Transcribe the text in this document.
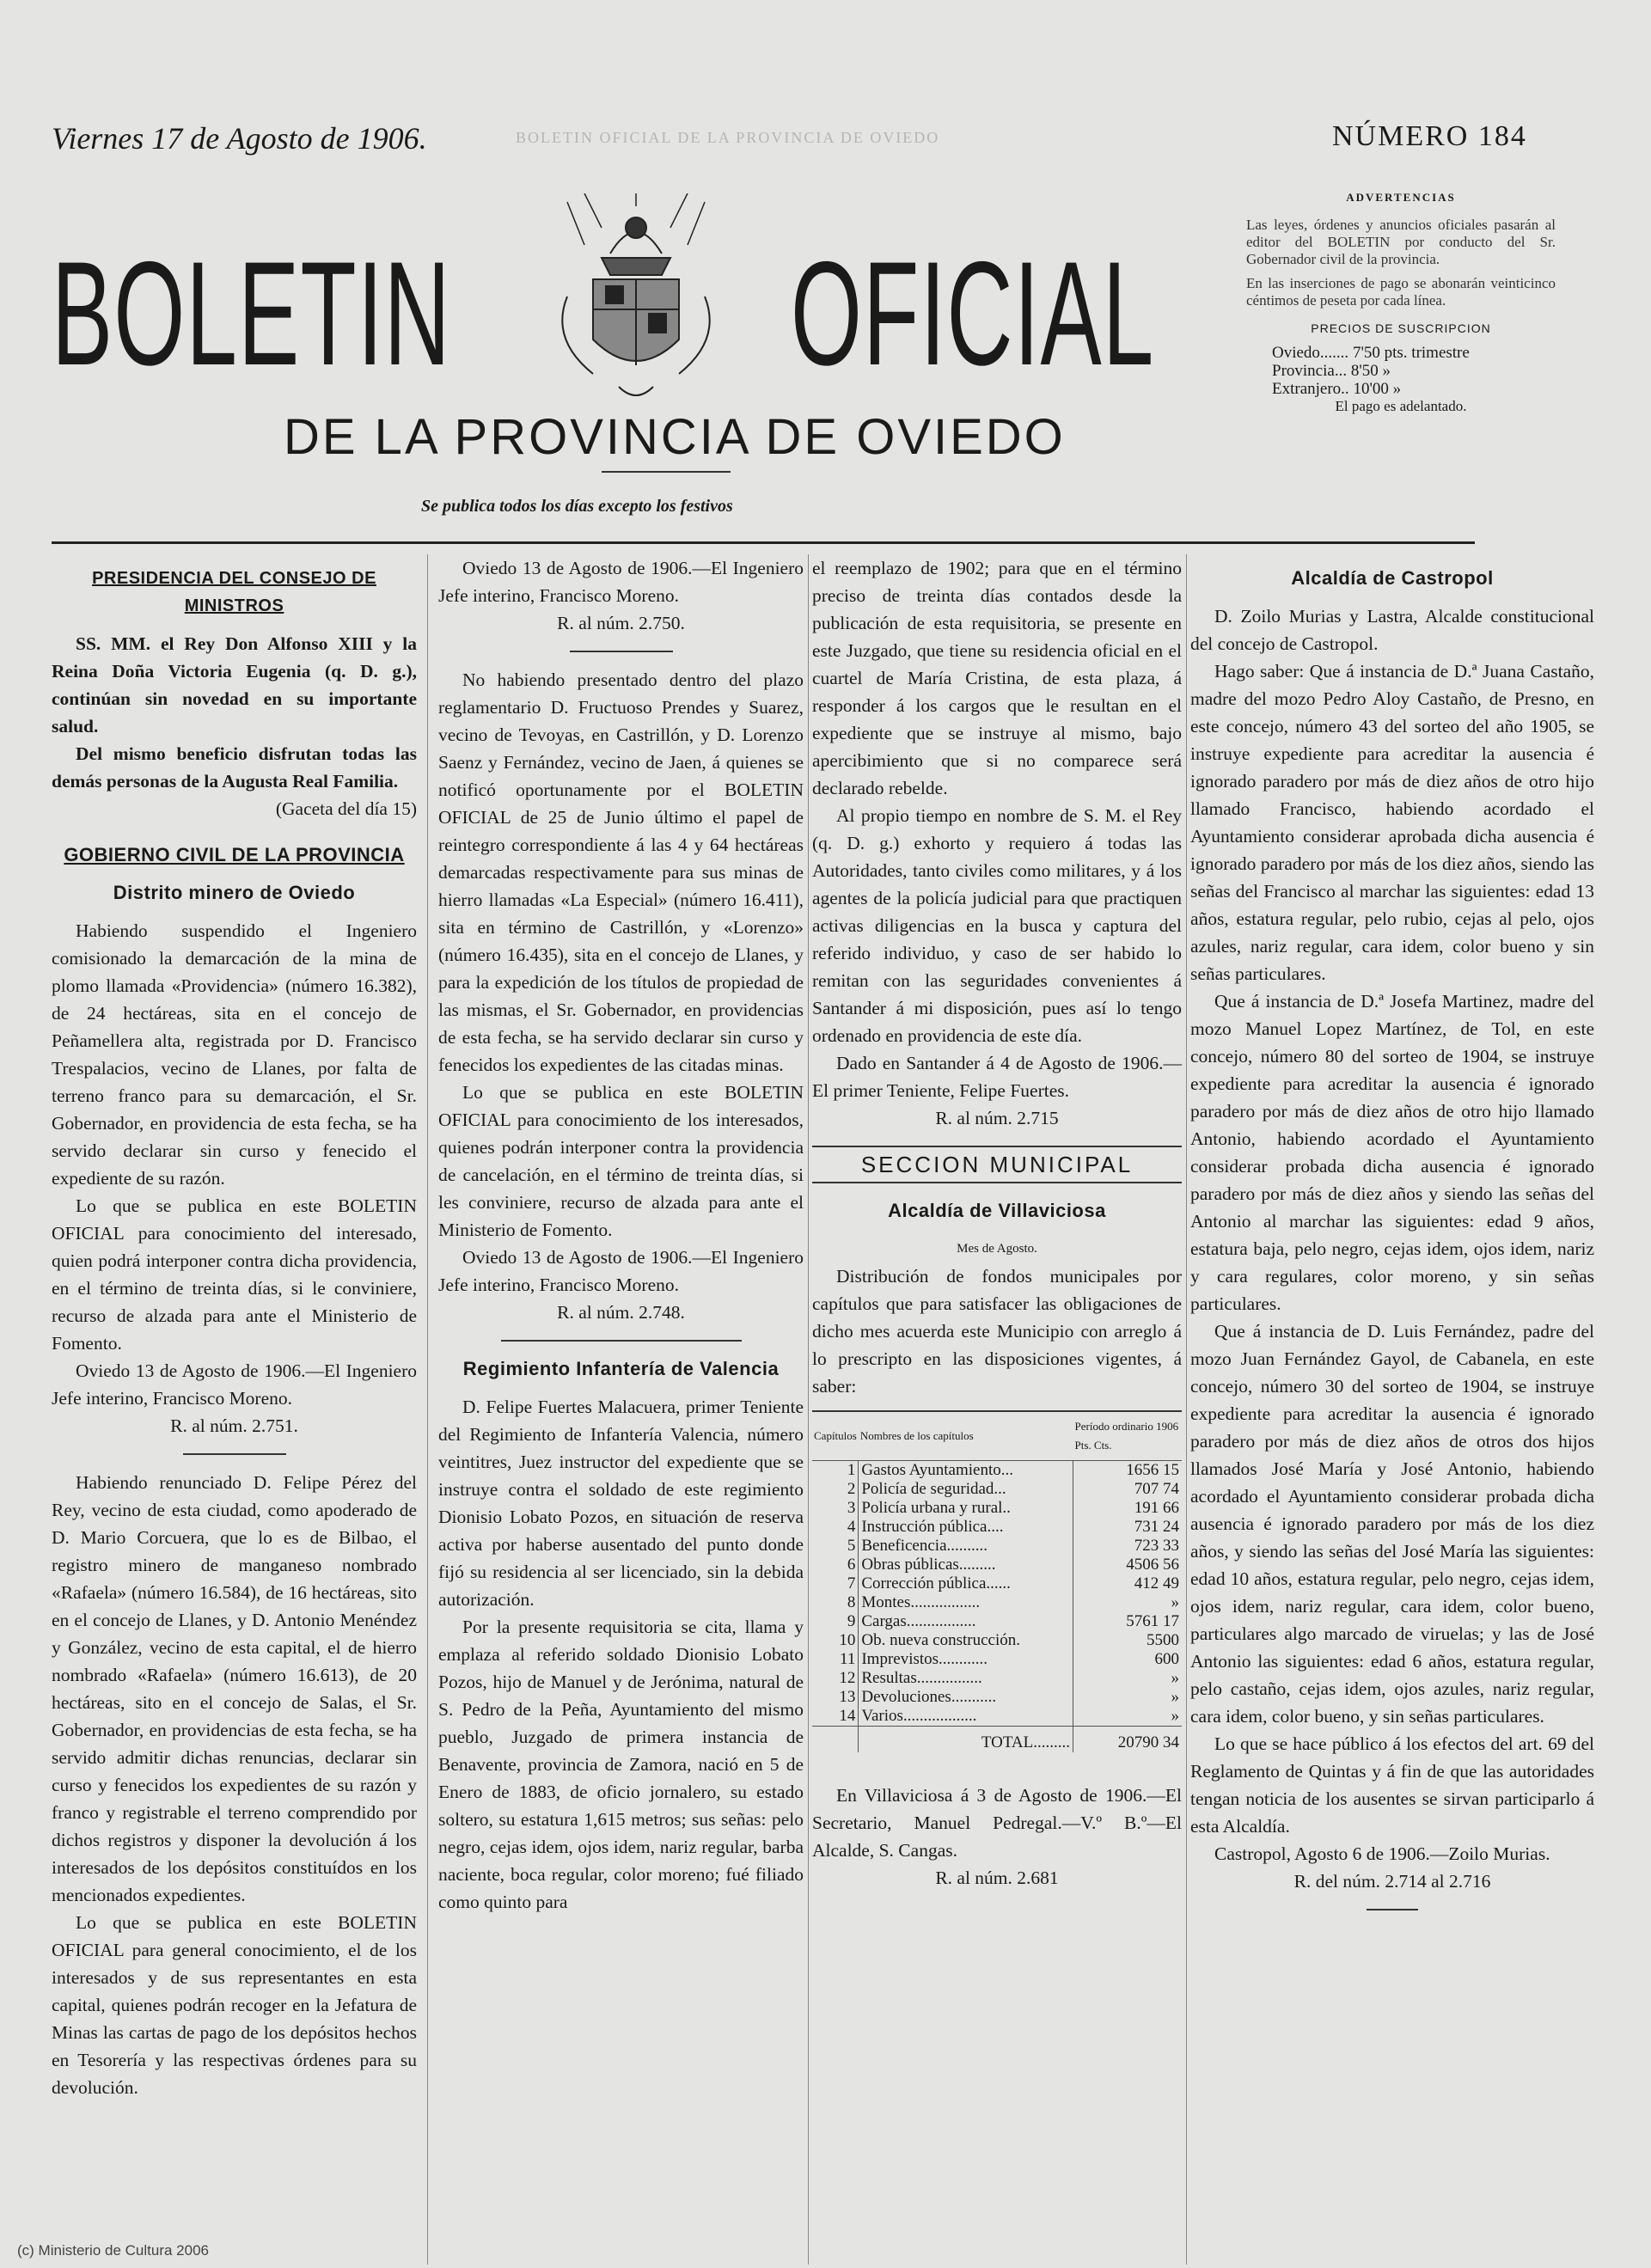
Viernes 17 de Agosto de 1906.	BOLETIN OFICIAL DE LA PROVINCIA DE OVIEDO	NÚMERO 184
BOLETIN OFICIAL
DE LA PROVINCIA DE OVIEDO
Se publica todos los días excepto los festivos
ADVERTENCIAS
Las leyes, órdenes y anuncios oficiales pasarán al editor del BOLETIN por conducto del Sr. Gobernador civil de la provincia.
En las inserciones de pago se abonarán veinticinco céntimos de peseta por cada línea.
PRECIOS DE SUSCRIPCION
Oviedo....... 7'50 pts. trimestre
Provincia... 8'50 »
Extranjero.. 10'00 »
El pago es adelantado.
PRESIDENCIA DEL CONSEJO DE MINISTROS

SS. MM. el Rey Don Alfonso XIII y la Reina Doña Victoria Eugenia (q. D. g.), continúan sin novedad en su importante salud.

Del mismo beneficio disfrutan todas las demás personas de la Augusta Real Familia.

(Gaceta del día 15)

GOBIERNO CIVIL DE LA PROVINCIA
Distrito minero de Oviedo

Habiendo suspendido el Ingeniero comisionado la demarcación de la mina de plomo llamada «Providencia» (número 16.382), de 24 hectáreas, sita en el concejo de Peñamellera alta, registrada por D. Francisco Trespalacios, vecino de Llanes, por falta de terreno franco para su demarcación, el Sr. Gobernador, en providencia de esta fecha, se ha servido declarar sin curso y fenecido el expediente de su razón.

Lo que se publica en este BOLETIN OFICIAL para conocimiento del interesado, quien podrá interponer contra dicha providencia, en el término de treinta días, si le conviniere, recurso de alzada para ante el Ministerio de Fomento.

Oviedo 13 de Agosto de 1906.—El Ingeniero Jefe interino, Francisco Moreno.

R. al núm. 2.751.

Habiendo renunciado D. Felipe Pérez del Rey, vecino de esta ciudad, como apoderado de D. Mario Corcuera, que lo es de Bilbao, el registro minero de manganeso nombrado «Rafaela» (número 16.584), de 16 hectáreas, sito en el concejo de Llanes, y D. Antonio Menéndez y González, vecino de esta capital, el de hierro nombrado «Rafaela» (número 16.613), de 20 hectáreas, sito en el concejo de Salas, el Sr. Gobernador, en providencias de esta fecha, se ha servido admitir dichas renuncias, declarar sin curso y fenecidos los expedientes de su razón y franco y registrable el terreno comprendido por dichos registros y disponer la devolución á los interesados de los depósitos constituídos en los mencionados expedientes.

Lo que se publica en este BOLETIN OFICIAL para general conocimiento, el de los interesados y de sus representantes en esta capital, quienes podrán recoger en la Jefatura de Minas las cartas de pago de los depósitos hechos en Tesorería y las respectivas órdenes para su devolución.

Oviedo 13 de Agosto de 1906.—El Ingeniero Jefe interino, Francisco Moreno.

R. al núm. 2.750.

No habiendo presentado dentro del plazo reglamentario D. Fructuoso Prendes y Suarez, vecino de Tevoyas, en Castrillón, y D. Lorenzo Saenz y Fernández, vecino de Jaen, á quienes se notificó oportunamente por el BOLETIN OFICIAL de 25 de Junio último el papel de reintegro correspondiente á las 4 y 64 hectáreas demarcadas respectivamente para sus minas de hierro llamadas «La Especial» (número 16.411), sita en término de Castrillón, y «Lorenzo» (número 16.435), sita en el concejo de Llanes, y para la expedición de los títulos de propiedad de las mismas, el Sr. Gobernador, en providencias de esta fecha, se ha servido declarar sin curso y fenecidos los expedientes de las citadas minas.

Lo que se publica en este BOLETIN OFICIAL para conocimiento de los interesados, quienes podrán interponer contra la providencia de cancelación, en el término de treinta días, si les conviniere, recurso de alzada para ante el Ministerio de Fomento.

Oviedo 13 de Agosto de 1906.—El Ingeniero Jefe interino, Francisco Moreno.

R. al núm. 2.748.

Regimiento Infantería de Valencia

D. Felipe Fuertes Malacuera, primer Teniente del Regimiento de Infantería Valencia, número veintitres, Juez instructor del expediente que se instruye contra el soldado de este regimiento Dionisio Lobato Pozos, en situación de reserva activa por haberse ausentado del punto donde fijó su residencia al ser licenciado, sin la debida autorización.

Por la presente requisitoria se cita, llama y emplaza al referido soldado Dionisio Lobato Pozos, hijo de Manuel y de Jerónima, natural de S. Pedro de la Peña, Ayuntamiento del mismo pueblo, Juzgado de primera instancia de Benavente, provincia de Zamora, nació en 5 de Enero de 1883, de oficio jornalero, su estado soltero, su estatura 1,615 metros; sus señas: pelo negro, cejas idem, ojos idem, nariz regular, barba naciente, boca regular, color moreno; fué filiado como quinto para

el reemplazo de 1902; para que en el término preciso de treinta días contados desde la publicación de esta requisitoria, se presente en este Juzgado, que tiene su residencia oficial en el cuartel de María Cristina, de esta plaza, á responder á los cargos que le resultan en el expediente que se instruye al mismo, bajo apercibimiento que si no comparece será declarado rebelde.

Al propio tiempo en nombre de S. M. el Rey (q. D. g.) exhorto y requiero á todas las Autoridades, tanto civiles como militares, y á los agentes de la policía judicial para que practiquen activas diligencias en la busca y captura del referido individuo, y caso de ser habido lo remitan con las seguridades convenientes á Santander á mi disposición, pues así lo tengo ordenado en providencia de este día.

Dado en Santander á 4 de Agosto de 1906.—El primer Teniente, Felipe Fuertes.

R. al núm. 2.715

SECCION MUNICIPAL
Alcaldía de Villaviciosa

Mes de Agosto.

Distribución de fondos municipales por capítulos que para satisfacer las obligaciones de dicho mes acuerda este Municipio con arreglo á lo prescripto en las disposiciones vigentes, á saber:

Capítulos	Nombres de los capítulos	Período ordinario 1906
Pts. Cts.
1	Gastos Ayuntamiento...	1656 15
2	Policía de seguridad...	707 74
3	Policía urbana y rural..	191 66
4	Instrucción pública....	731 24
5	Beneficencia..........	723 33
6	Obras públicas.........	4506 56
7	Corrección pública......	412 49
8	Montes.................	»
9	Cargas.................	5761 17
10	Ob. nueva construcción.	5500
11	Imprevistos............	600
12	Resultas................	»
13	Devoluciones...........	»
14	Varios..................	»
	TOTAL.........	20790 34

En Villaviciosa á 3 de Agosto de 1906.—El Secretario, Manuel Pedregal.—V.º B.º—El Alcalde, S. Cangas.

R. al núm. 2.681

Alcaldía de Castropol

D. Zoilo Murias y Lastra, Alcalde constitucional del concejo de Castropol.

Hago saber: Que á instancia de D.ª Juana Castaño, madre del mozo Pedro Aloy Castaño, de Presno, en este concejo, número 43 del sorteo del año 1905, se instruye expediente para acreditar la ausencia é ignorado paradero por más de diez años de otro hijo llamado Francisco, habiendo acordado el Ayuntamiento considerar aprobada dicha ausencia é ignorado paradero por más de los diez años, siendo las señas del Francisco al marchar las siguientes: edad 13 años, estatura regular, pelo rubio, cejas al pelo, ojos azules, nariz regular, cara idem, color bueno y sin señas particulares.

Que á instancia de D.ª Josefa Martinez, madre del mozo Manuel Lopez Martínez, de Tol, en este concejo, número 80 del sorteo de 1904, se instruye expediente para acreditar la ausencia é ignorado paradero por más de diez años de otro hijo llamado Antonio, habiendo acordado el Ayuntamiento considerar probada dicha ausencia é ignorado paradero por más de diez años y siendo las señas del Antonio al marchar las siguientes: edad 9 años, estatura baja, pelo negro, cejas idem, ojos idem, nariz y cara regulares, color moreno, y sin señas particulares.

Que á instancia de D. Luis Fernández, padre del mozo Juan Fernández Gayol, de Cabanela, en este concejo, número 30 del sorteo de 1904, se instruye expediente para acreditar la ausencia é ignorado paradero por más de diez años de otros dos hijos llamados José María y José Antonio, habiendo acordado el Ayuntamiento considerar probada dicha ausencia é ignorado paradero por más de los diez años, y siendo las señas del José María las siguientes: edad 10 años, estatura regular, pelo negro, cejas idem, ojos idem, nariz regular, cara idem, color bueno, particulares algo marcado de viruelas; y las de José Antonio las siguientes: edad 6 años, estatura regular, pelo castaño, cejas idem, ojos azules, nariz regular, cara idem, color bueno, y sin señas particulares.

Lo que se hace público á los efectos del art. 69 del Reglamento de Quintas y á fin de que las autoridades tengan noticia de los ausentes se sirvan participarlo á esta Alcaldía.

Castropol, Agosto 6 de 1906.—Zoilo Murias.

R. del núm. 2.714 al 2.716

(c) Ministerio de Cultura 2006
